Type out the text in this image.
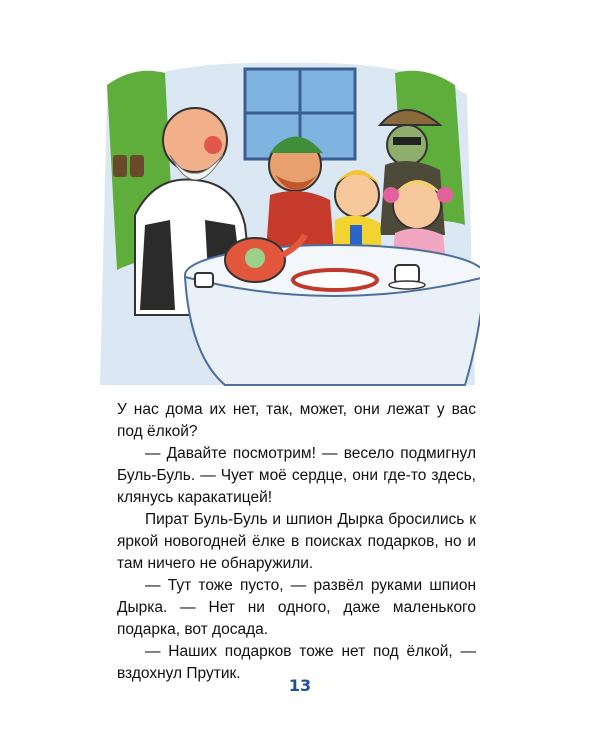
У нас дома их нет, так, может, они лежат у вас под ёлкой?

— Давайте посмотрим! — весело подмигнул Буль-Буль. — Чует моё сердце, они где-то здесь, клянусь каракатицей!

Пират Буль-Буль и шпион Дырка бросились к яркой новогодней ёлке в поисках подарков, но и там ничего не обнаружили.

— Тут тоже пусто, — развёл руками шпион Дырка. — Нет ни одного, даже маленького подарка, вот досада.

— Наших подарков тоже нет под ёлкой, — вздохнул Прутик.

13
